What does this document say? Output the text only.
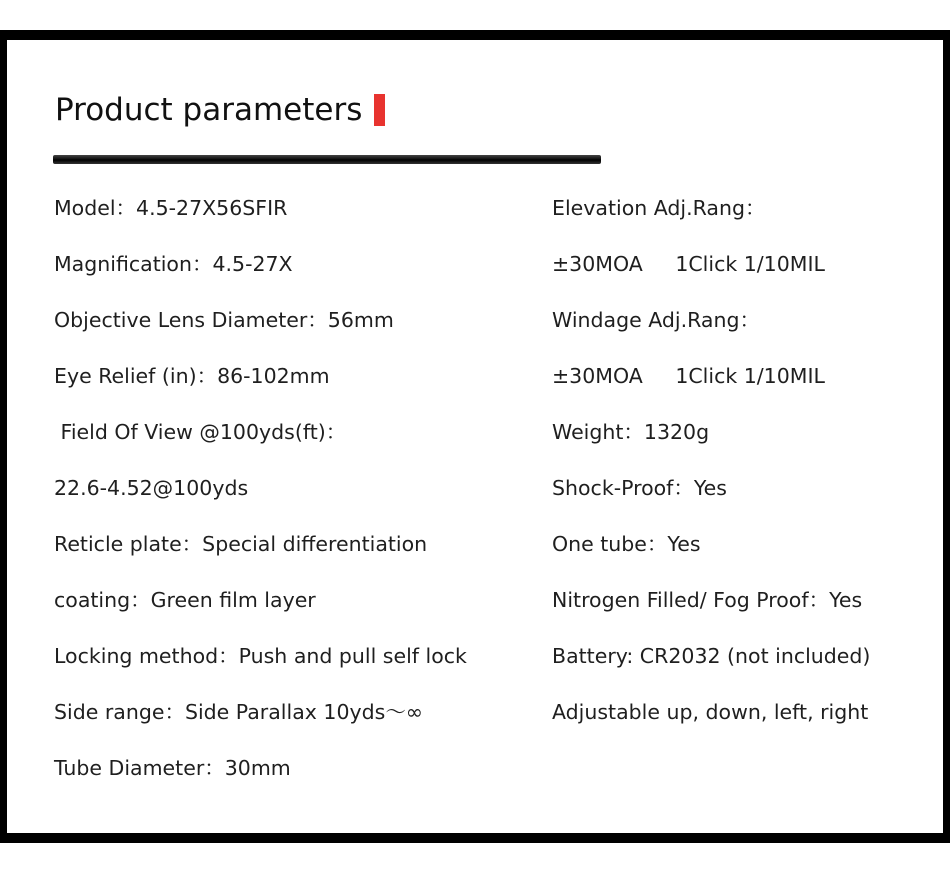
Product parameters
Model：4.5-27X56SFIR
Magnification：4.5-27X
Objective Lens Diameter：56mm
Eye Relief (in)：86-102mm
Field Of View @100yds(ft)：
22.6-4.52@100yds
Reticle plate：Special differentiation
coating：Green film layer
Locking method：Push and pull self lock
Side range：Side Parallax 10yds～∞
Tube Diameter：30mm
Elevation Adj.Rang：
±30MOA     1Click 1/10MIL
Windage Adj.Rang：
±30MOA     1Click 1/10MIL
Weight：1320g
Shock-Proof：Yes
One tube：Yes
Nitrogen Filled/ Fog Proof：Yes
Battery: CR2032 (not included)
Adjustable up, down, left, right
